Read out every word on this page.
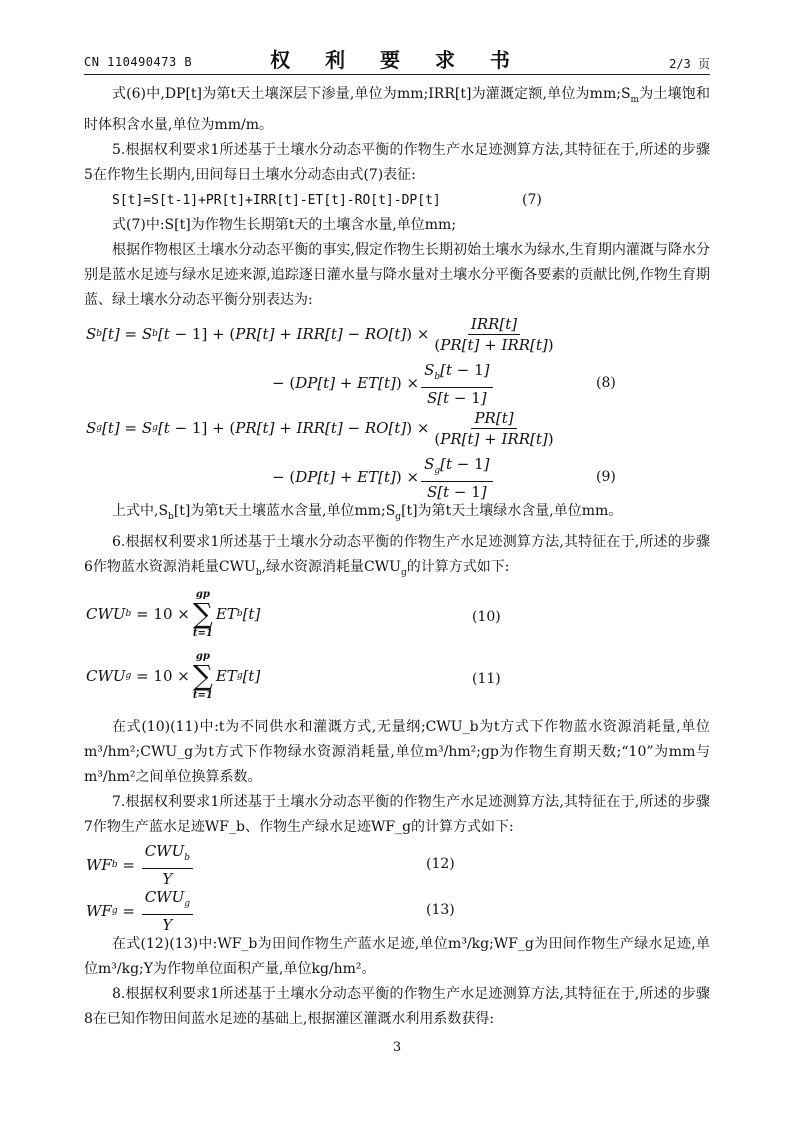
CN 110490473 B	权 利 要 求 书	2/3 页

式(6)中,DP[t]为第t天土壤深层下渗量,单位为mm;IRR[t]为灌溉定额,单位为$mm;S_m$为土壤饱和时体积含水量,单位为mm/m。

5.根据权利要求1所述基于土壤水分动态平衡的作物生产水足迹测算方法,其特征在于,所述的步骤5在作物生长期内,田间每日土壤水分动态由式(7)表征:

S[t]=S[t-1]+PR[t]+IRR[t]-ET[t]-RO[t]-DP[t]	(7)

式(7)中:S[t]为作物生长期第t天的土壤含水量,单位mm;

根据作物根区土壤水分动态平衡的事实,假定作物生长期初始土壤水为绿水,生育期内灌溉与降水分别是蓝水足迹与绿水足迹来源,追踪逐日灌水量与降水量对土壤水分平衡各要素的贡献比例,作物生育期蓝、绿土壤水分动态平衡分别表达为:

S b [t] = S b [t − 1] + ( PR[t] + IRR[t] − RO[t] ) × $\frac{\text{IRR[t]}}{\text{(PR[t] + IRR[t])}}$
− ( DP[t] + ET[t] ) × $\frac{S_b[t - 1]}{S[t - 1]}$	(8)
S g [t] = S g [t − 1] + ( PR[t] + IRR[t] − RO[t] ) × $\frac{PR[t]}{\text{(PR[t] + IRR[t])}}$
− ( DP[t] + ET[t] ) × $\frac{S_g[t - 1]}{S[t - 1]}$	(9)

上式中$,S_b[t]$为第t天土壤蓝水含量,单位$mm;S_g[t]$为第t天土壤绿水含量,单位mm。

6.根据权利要求1所述基于土壤水分动态平衡的作物生产水足迹测算方法,其特征在于,所述的步骤6作物蓝水资源消耗量$CWU_b$,绿水资源消耗量$CWU_g$的计算方式如下:

CWU b = 10 ×
gp
∑
t=1
ET b [t]	(10)
CWU g = 10 ×
gp
∑
t=1
ET g [t]	(11)

在式(10)(11)中:t为不同供水和灌溉方式,无量纲;CWU_b为t方式下作物蓝水资源消耗量,单位m³/hm²;CWU_g为t方式下作物绿水资源消耗量,单位m³/hm²;gp为作物生育期天数;“10”为mm与m³/hm²之间单位换算系数。

7.根据权利要求1所述基于土壤水分动态平衡的作物生产水足迹测算方法,其特征在于,所述的步骤7作物生产蓝水足迹WF_b、作物生产绿水足迹WF_g的计算方式如下:

WF $b = \frac{CWU_b}{Y}$	(12)
WF $g = \frac{CWU_g}{Y}$	(13)

在式(12)(13)中:WF_b为田间作物生产蓝水足迹,单位m³/kg;WF_g为田间作物生产绿水足迹,单位m³/kg;Y为作物单位面积产量,单位kg/hm²。

8.根据权利要求1所述基于土壤水分动态平衡的作物生产水足迹测算方法,其特征在于,所述的步骤8在已知作物田间蓝水足迹的基础上,根据灌区灌溉水利用系数获得:

3
